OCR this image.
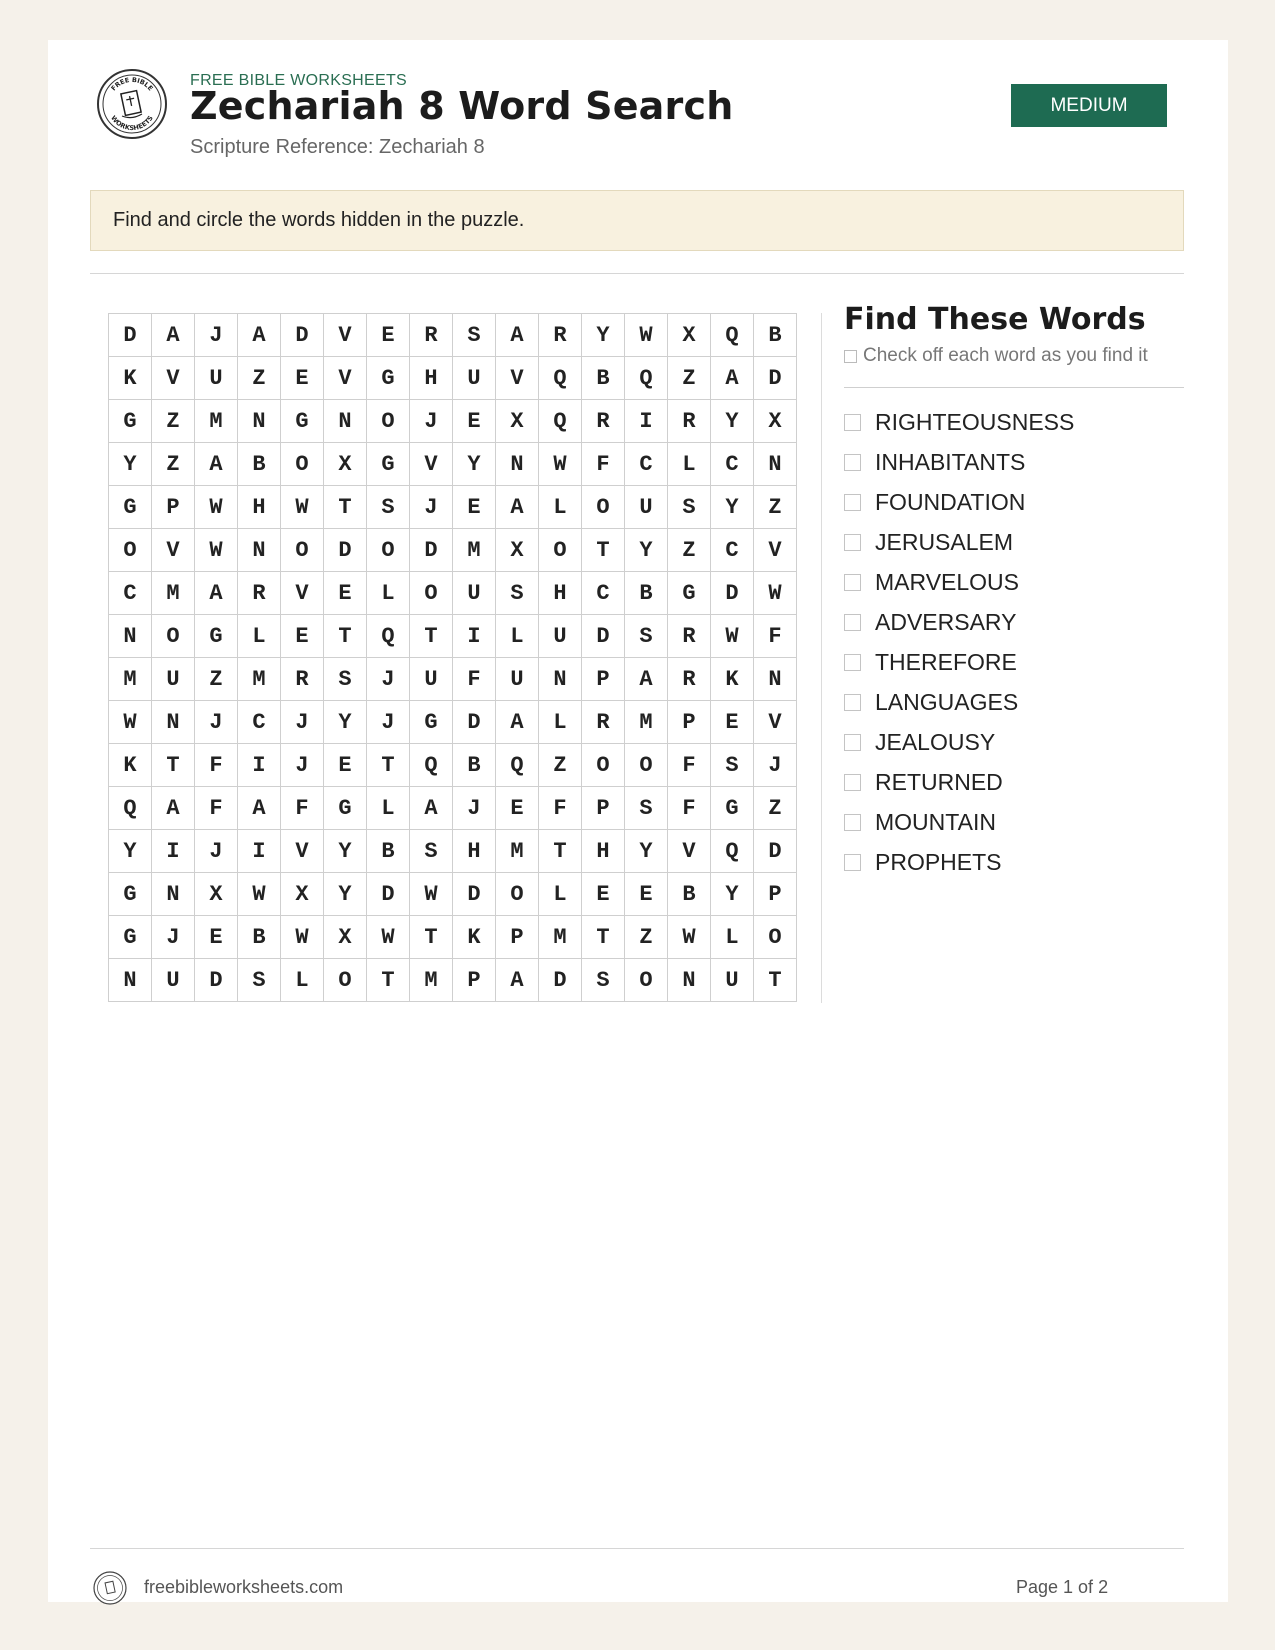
FREE BIBLE
WORKSHEETS
FREE BIBLE WORKSHEETS
Zechariah 8 Word Search
Scripture Reference: Zechariah 8
MEDIUM
Find and circle the words hidden in the puzzle.
D	A	J	A	D	V	E	R	S	A	R	Y	W	X	Q	B
K	V	U	Z	E	V	G	H	U	V	Q	B	Q	Z	A	D
G	Z	M	N	G	N	O	J	E	X	Q	R	I	R	Y	X
Y	Z	A	B	O	X	G	V	Y	N	W	F	C	L	C	N
G	P	W	H	W	T	S	J	E	A	L	O	U	S	Y	Z
O	V	W	N	O	D	O	D	M	X	O	T	Y	Z	C	V
C	M	A	R	V	E	L	O	U	S	H	C	B	G	D	W
N	O	G	L	E	T	Q	T	I	L	U	D	S	R	W	F
M	U	Z	M	R	S	J	U	F	U	N	P	A	R	K	N
W	N	J	C	J	Y	J	G	D	A	L	R	M	P	E	V
K	T	F	I	J	E	T	Q	B	Q	Z	O	O	F	S	J
Q	A	F	A	F	G	L	A	J	E	F	P	S	F	G	Z
Y	I	J	I	V	Y	B	S	H	M	T	H	Y	V	Q	D
G	N	X	W	X	Y	D	W	D	O	L	E	E	B	Y	P
G	J	E	B	W	X	W	T	K	P	M	T	Z	W	L	O
N	U	D	S	L	O	T	M	P	A	D	S	O	N	U	T
Find These Words
Check off each word as you find it
RIGHTEOUSNESS
INHABITANTS
FOUNDATION
JERUSALEM
MARVELOUS
ADVERSARY
THEREFORE
LANGUAGES
JEALOUSY
RETURNED
MOUNTAIN
PROPHETS
freebibleworksheets.com	Page 1 of 2
